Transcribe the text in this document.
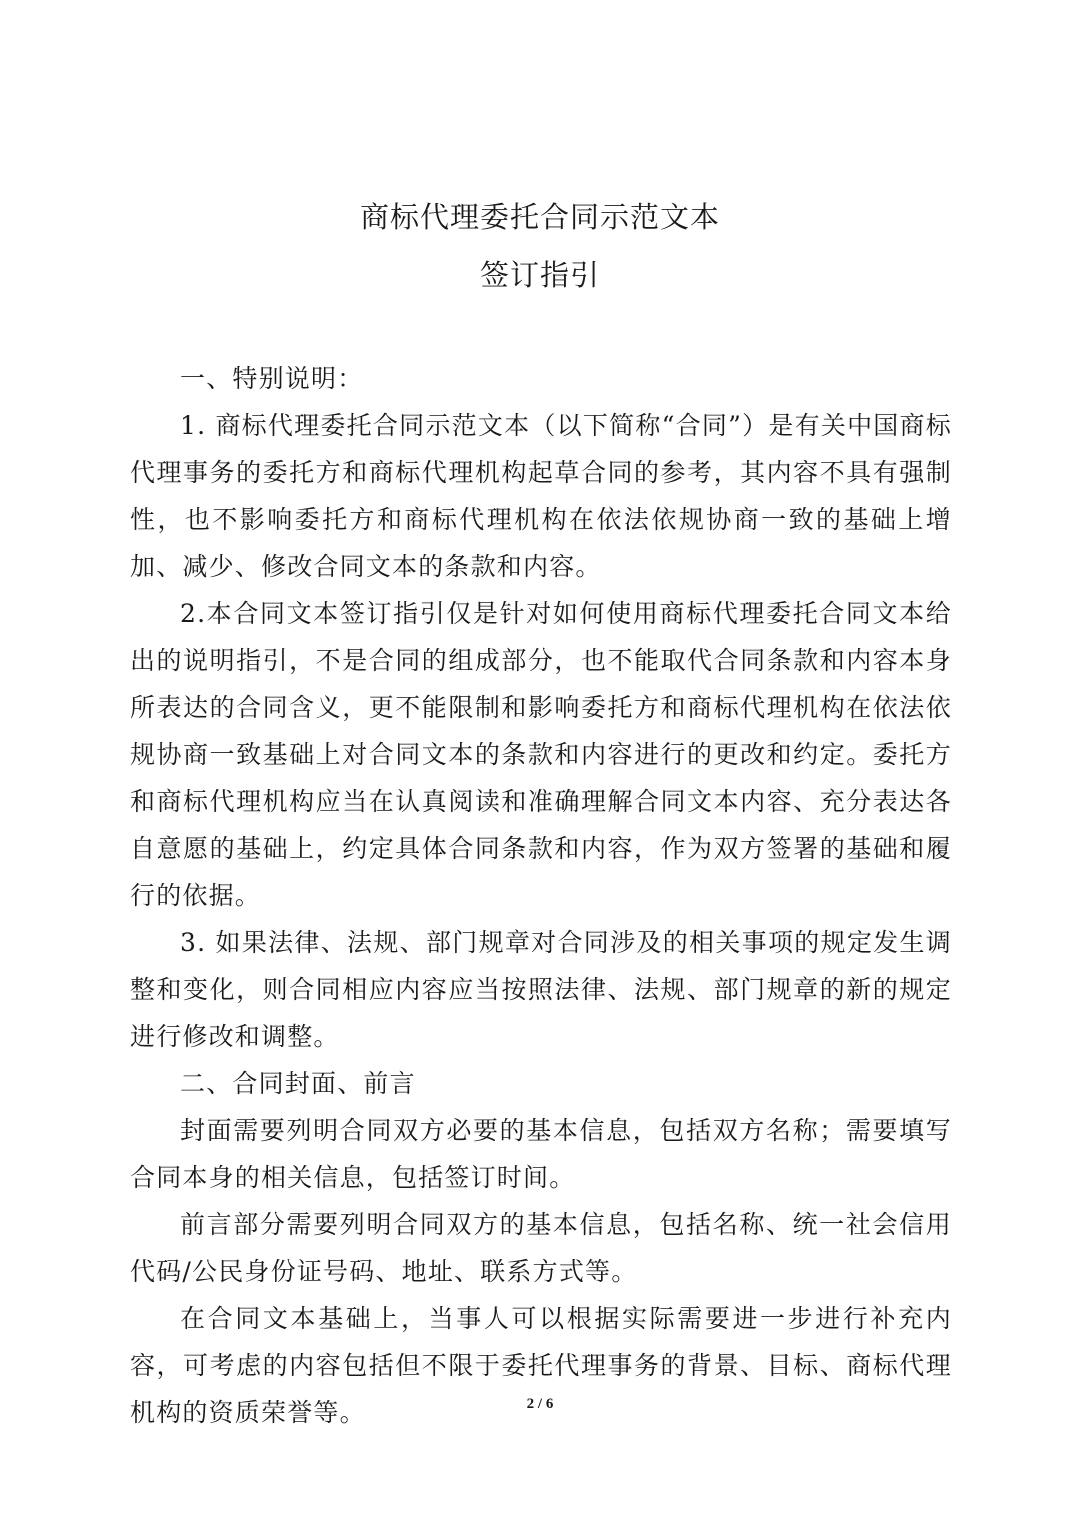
商标代理委托合同示范文本
签订指引

一、特别说明：

1. 商标代理委托合同示范文本（以下简称“合同”）是有关中国商标代理事务的委托方和商标代理机构起草合同的参考，其内容不具有强制性，也不影响委托方和商标代理机构在依法依规协商一致的基础上增加、减少、修改合同文本的条款和内容。

2.本合同文本签订指引仅是针对如何使用商标代理委托合同文本给出的说明指引，不是合同的组成部分，也不能取代合同条款和内容本身所表达的合同含义，更不能限制和影响委托方和商标代理机构在依法依规协商一致基础上对合同文本的条款和内容进行的更改和约定。委托方和商标代理机构应当在认真阅读和准确理解合同文本内容、充分表达各自意愿的基础上，约定具体合同条款和内容，作为双方签署的基础和履行的依据。

3. 如果法律、法规、部门规章对合同涉及的相关事项的规定发生调整和变化，则合同相应内容应当按照法律、法规、部门规章的新的规定进行修改和调整。

二、合同封面、前言

封面需要列明合同双方必要的基本信息，包括双方名称；需要填写合同本身的相关信息，包括签订时间。

前言部分需要列明合同双方的基本信息，包括名称、统一社会信用代码/公民身份证号码、地址、联系方式等。

在合同文本基础上，当事人可以根据实际需要进一步进行补充内容，可考虑的内容包括但不限于委托代理事务的背景、目标、商标代理机构的资质荣誉等。	2 / 6
